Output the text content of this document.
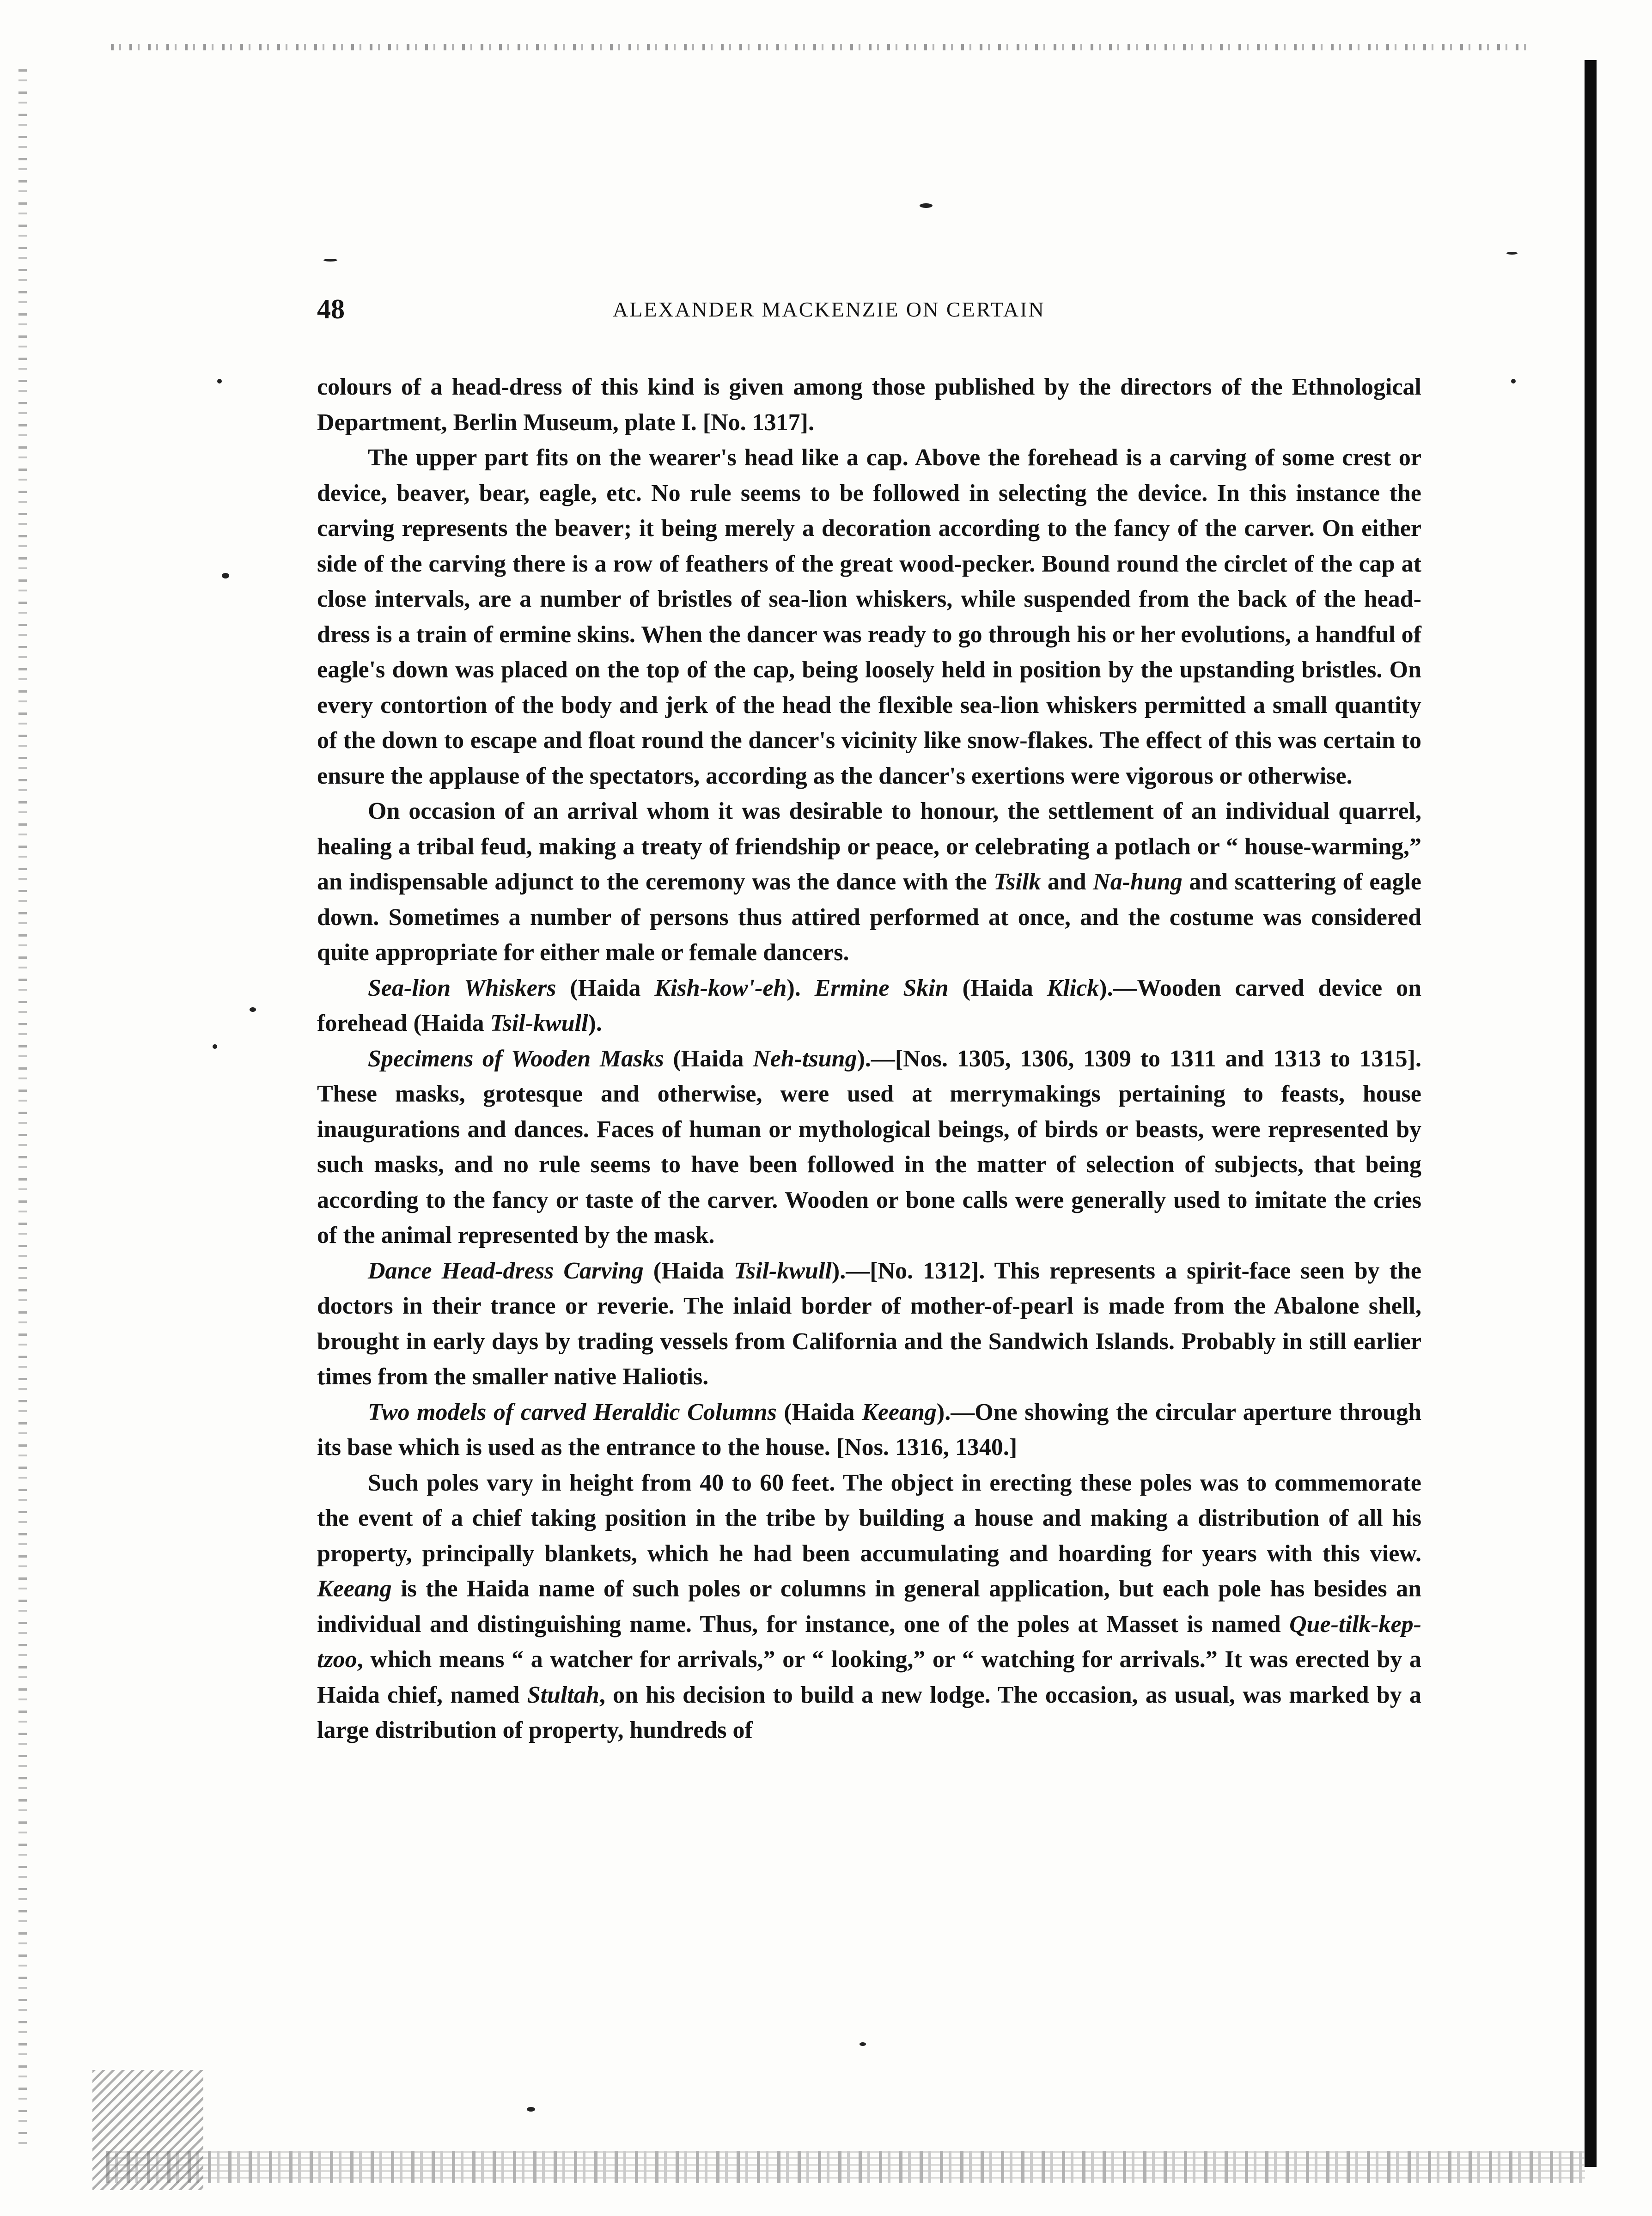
48	ALEXANDER MACKENZIE ON CERTAIN

colours of a head-dress of this kind is given among those published by the directors of the Ethnological Department, Berlin Museum, plate I. [No. 1317].

The upper part fits on the wearer's head like a cap. Above the forehead is a carving of some crest or device, beaver, bear, eagle, etc. No rule seems to be followed in selecting the device. In this instance the carving represents the beaver; it being merely a decoration according to the fancy of the carver. On either side of the carving there is a row of feathers of the great wood-pecker. Bound round the circlet of the cap at close intervals, are a number of bristles of sea-lion whiskers, while suspended from the back of the head-dress is a train of ermine skins. When the dancer was ready to go through his or her evolutions, a handful of eagle's down was placed on the top of the cap, being loosely held in position by the upstanding bristles. On every contortion of the body and jerk of the head the flexible sea-lion whiskers permitted a small quantity of the down to escape and float round the dancer's vicinity like snow-flakes. The effect of this was certain to ensure the applause of the spectators, according as the dancer's exertions were vigorous or otherwise.

On occasion of an arrival whom it was desirable to honour, the settlement of an individual quarrel, healing a tribal feud, making a treaty of friendship or peace, or celebrating a potlach or “ house-warming,” an indispensable adjunct to the ceremony was the dance with the Tsilk and Na-hung and scattering of eagle down. Sometimes a number of persons thus attired performed at once, and the costume was considered quite appropriate for either male or female dancers.

Sea-lion Whiskers (Haida Kish-kow'-eh). Ermine Skin (Haida Klick).—Wooden carved device on forehead (Haida Tsil-kwull).

Specimens of Wooden Masks (Haida Neh-tsung).—[Nos. 1305, 1306, 1309 to 1311 and 1313 to 1315]. These masks, grotesque and otherwise, were used at merrymakings pertaining to feasts, house inaugurations and dances. Faces of human or mythological beings, of birds or beasts, were represented by such masks, and no rule seems to have been followed in the matter of selection of subjects, that being according to the fancy or taste of the carver. Wooden or bone calls were generally used to imitate the cries of the animal represented by the mask.

Dance Head-dress Carving (Haida Tsil-kwull).—[No. 1312]. This represents a spirit-face seen by the doctors in their trance or reverie. The inlaid border of mother-of-pearl is made from the Abalone shell, brought in early days by trading vessels from California and the Sandwich Islands. Probably in still earlier times from the smaller native Haliotis.

Two models of carved Heraldic Columns (Haida Keeang).—One showing the circular aperture through its base which is used as the entrance to the house. [Nos. 1316, 1340.]

Such poles vary in height from 40 to 60 feet. The object in erecting these poles was to commemorate the event of a chief taking position in the tribe by building a house and making a distribution of all his property, principally blankets, which he had been accumulating and hoarding for years with this view. Keeang is the Haida name of such poles or columns in general application, but each pole has besides an individual and distinguishing name. Thus, for instance, one of the poles at Masset is named Que-tilk-kep-tzoo, which means “ a watcher for arrivals,” or “ looking,” or “ watching for arrivals.” It was erected by a Haida chief, named Stultah, on his decision to build a new lodge. The occasion, as usual, was marked by a large distribution of property, hundreds of
